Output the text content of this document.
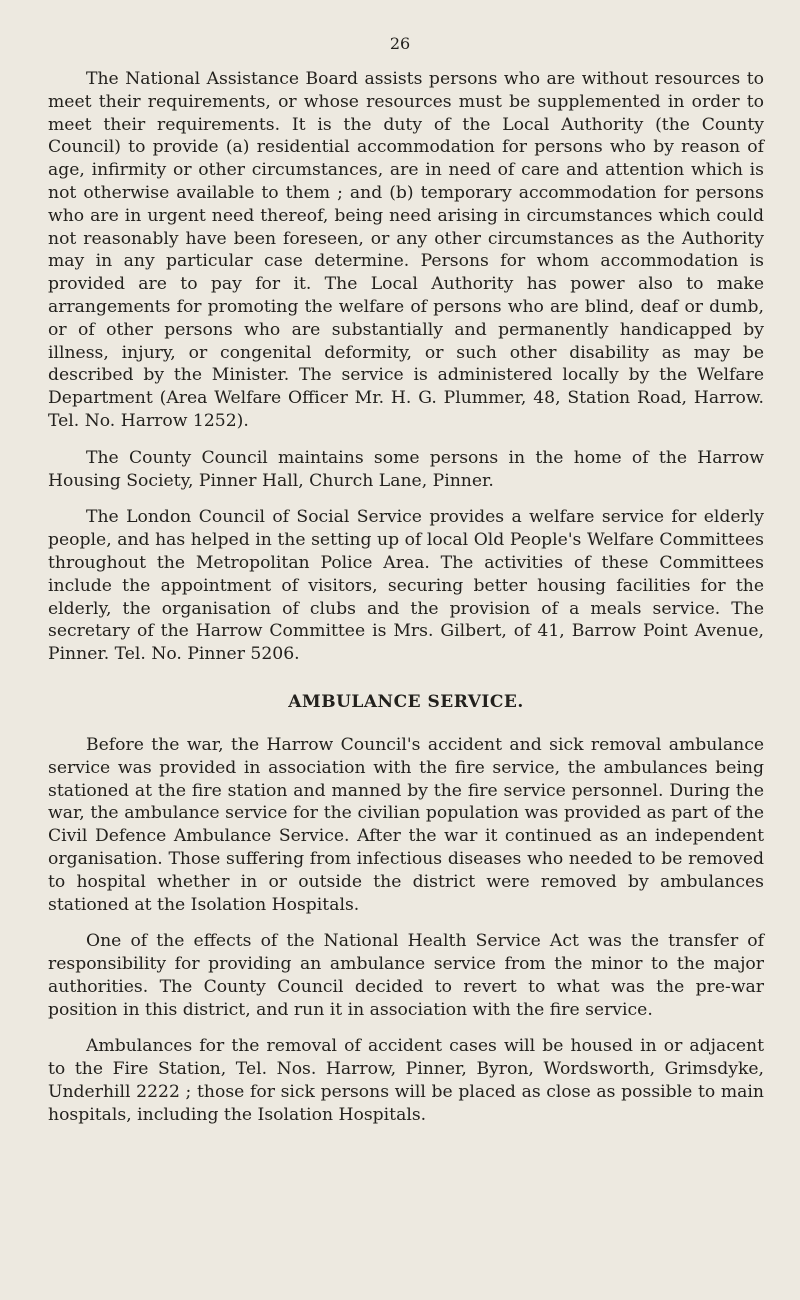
26

The National Assistance Board assists persons who are without resources to meet their requirements, or whose resources must be supplemented in order to meet their requirements. It is the duty of the Local Authority (the County Council) to provide (a) residential accommodation for persons who by reason of age, infirmity or other circumstances, are in need of care and attention which is not otherwise available to them ; and (b) temporary accommodation for persons who are in urgent need thereof, being need arising in circumstances which could not reasonably have been foreseen, or any other circumstances as the Authority may in any particular case determine. Persons for whom accommodation is provided are to pay for it. The Local Authority has power also to make arrangements for promoting the welfare of persons who are blind, deaf or dumb, or of other persons who are substantially and permanently handicapped by illness, injury, or congenital deformity, or such other disability as may be described by the Minister. The service is administered locally by the Welfare Department (Area Welfare Officer Mr. H. G. Plummer, 48, Station Road, Harrow. Tel. No. Harrow 1252).

The County Council maintains some persons in the home of the Harrow Housing Society, Pinner Hall, Church Lane, Pinner.

The London Council of Social Service provides a welfare service for elderly people, and has helped in the setting up of local Old People's Welfare Committees throughout the Metropolitan Police Area. The activities of these Committees include the appointment of visitors, securing better housing facilities for the elderly, the organisation of clubs and the provision of a meals service. The secretary of the Harrow Committee is Mrs. Gilbert, of 41, Barrow Point Avenue, Pinner. Tel. No. Pinner 5206.

AMBULANCE SERVICE.

Before the war, the Harrow Council's accident and sick removal ambulance service was provided in association with the fire service, the ambulances being stationed at the fire station and manned by the fire service personnel. During the war, the ambulance service for the civilian population was provided as part of the Civil Defence Ambulance Service. After the war it continued as an independent organisation. Those suffering from infectious diseases who needed to be removed to hospital whether in or outside the district were removed by ambulances stationed at the Isolation Hospitals.

One of the effects of the National Health Service Act was the transfer of responsibility for providing an ambulance service from the minor to the major authorities. The County Council decided to revert to what was the pre-war position in this district, and run it in association with the fire service.

Ambulances for the removal of accident cases will be housed in or adjacent to the Fire Station, Tel. Nos. Harrow, Pinner, Byron, Wordsworth, Grimsdyke, Underhill 2222 ; those for sick persons will be placed as close as possible to main hospitals, including the Isolation Hospitals.
